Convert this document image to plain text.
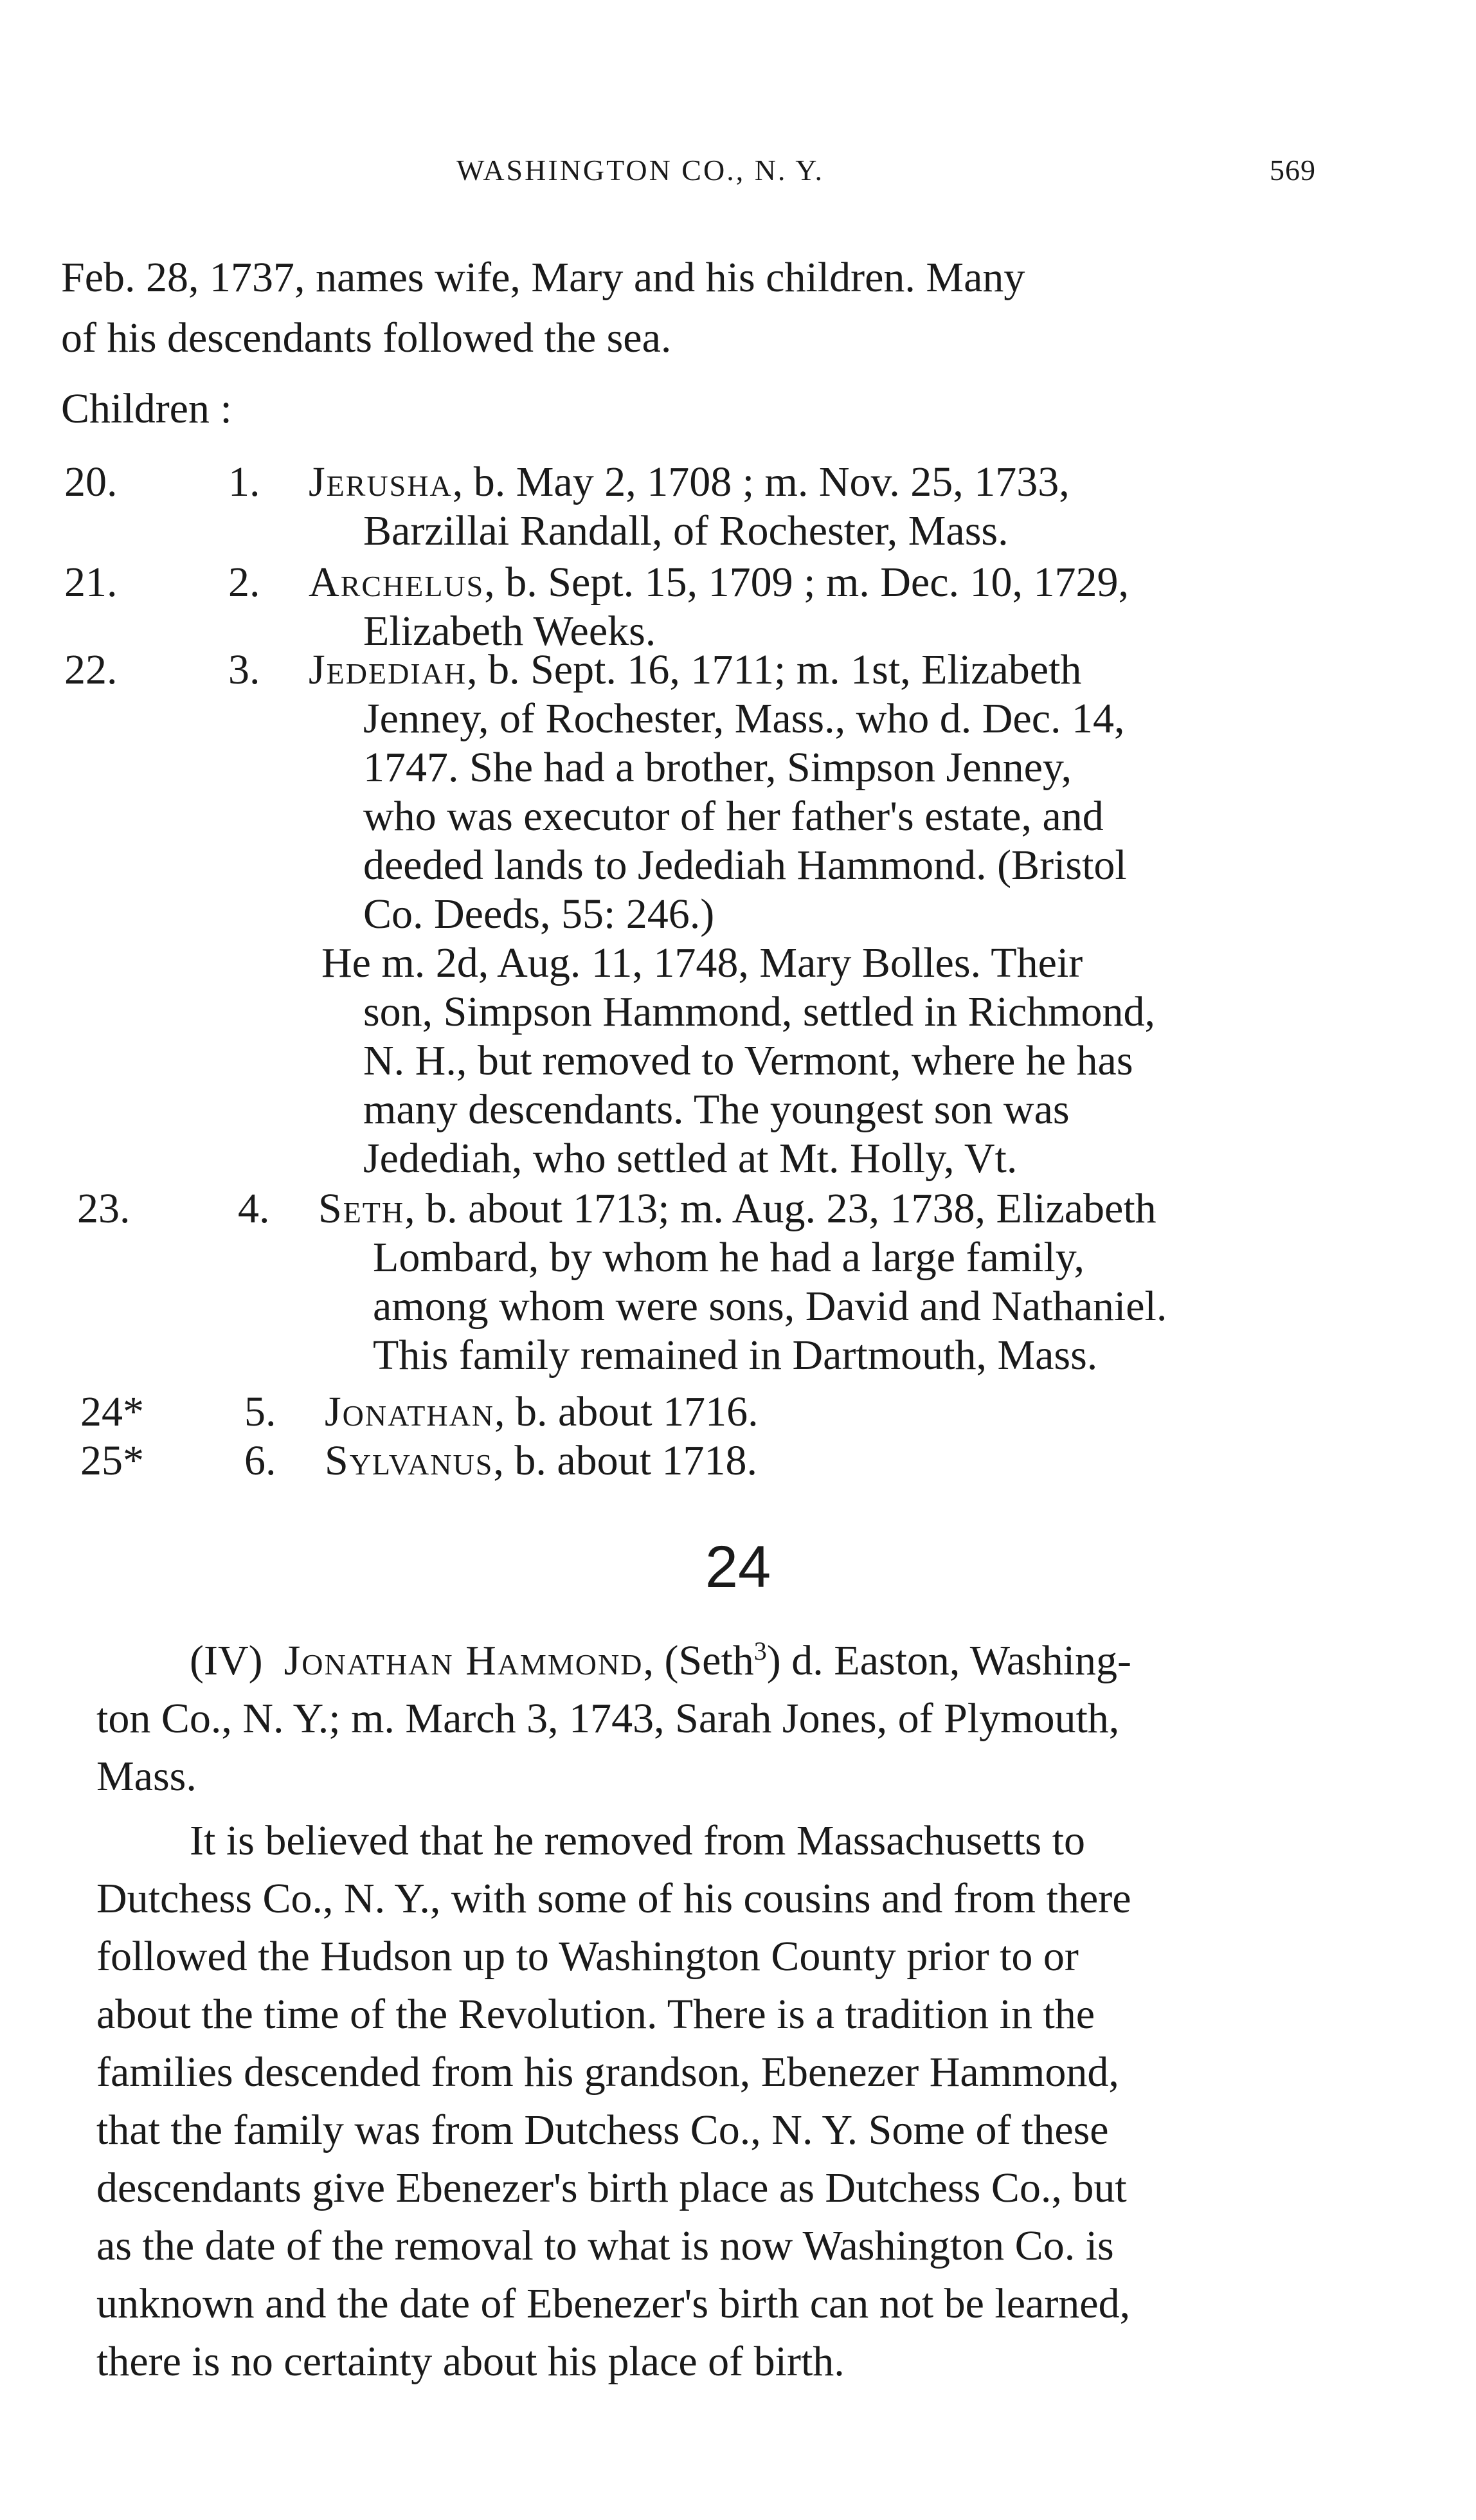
WASHINGTON CO., N. Y.	569
Feb. 28, 1737, names wife, Mary and his children. Many
of his descendants followed the sea.
Children :
20.	1. Jerusha, b. May 2, 1708 ; m. Nov. 25, 1733,
Barzillai Randall, of Rochester, Mass.
21.	2. Archelus, b. Sept. 15, 1709 ; m. Dec. 10, 1729,
Elizabeth Weeks.
22.	3. Jedediah, b. Sept. 16, 1711; m. 1st, Elizabeth
Jenney, of Rochester, Mass., who d. Dec. 14,
1747. She had a brother, Simpson Jenney,
who was executor of her father's estate, and
deeded lands to Jedediah Hammond. (Bristol
Co. Deeds, 55: 246.)
He m. 2d, Aug. 11, 1748, Mary Bolles. Their
son, Simpson Hammond, settled in Richmond,
N. H., but removed to Vermont, where he has
many descendants. The youngest son was
Jedediah, who settled at Mt. Holly, Vt.
23.	4. Seth, b. about 1713; m. Aug. 23, 1738, Elizabeth
Lombard, by whom he had a large family,
among whom were sons, David and Nathaniel.
This family remained in Dartmouth, Mass.
24* 5. Jonathan, b. about 1716.
25* 6. Sylvanus, b. about 1718.
24
(IV) Jonathan Hammond, (Seth$^3$) d. Easton, Washing-
ton Co., N. Y.; m. March 3, 1743, Sarah Jones, of Plymouth,
Mass.
It is believed that he removed from Massachusetts to
Dutchess Co., N. Y., with some of his cousins and from there
followed the Hudson up to Washington County prior to or
about the time of the Revolution. There is a tradition in the
families descended from his grandson, Ebenezer Hammond,
that the family was from Dutchess Co., N. Y. Some of these
descendants give Ebenezer's birth place as Dutchess Co., but
as the date of the removal to what is now Washington Co. is
unknown and the date of Ebenezer's birth can not be learned,
there is no certainty about his place of birth.
